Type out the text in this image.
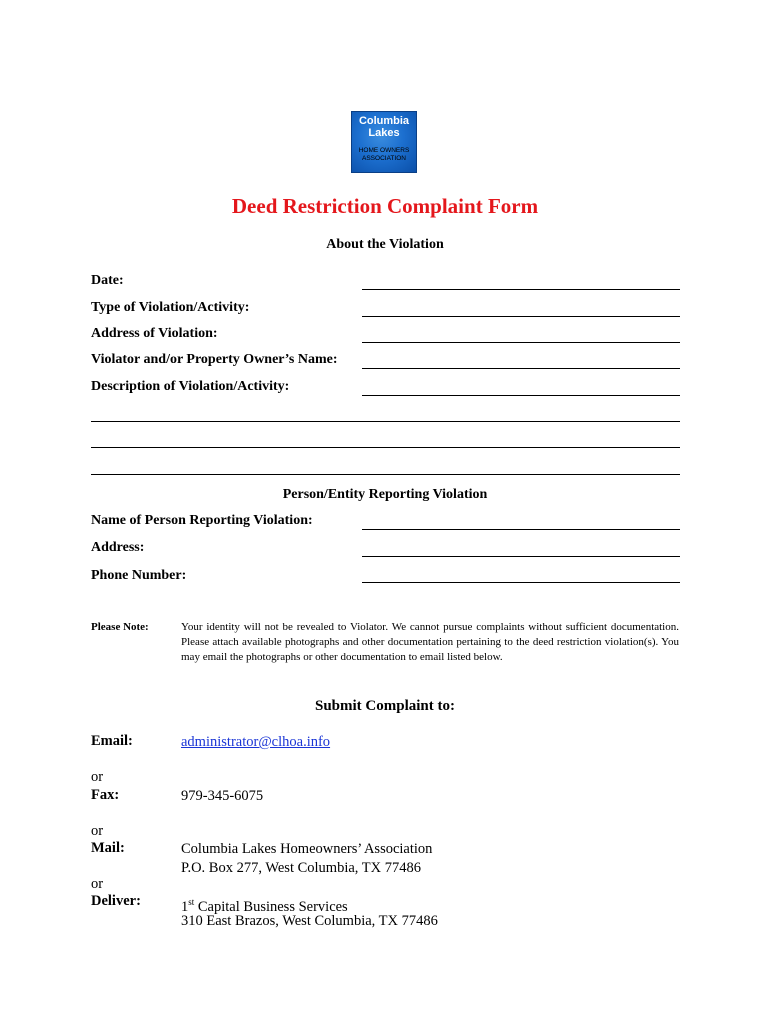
Columbia
Lakes
HOME OWNERS
ASSOCIATION
Deed Restriction Complaint Form
About the Violation
Date:
Type of Violation/Activity:
Address of Violation:
Violator and/or Property Owner’s Name:
Description of Violation/Activity:
Person/Entity Reporting Violation
Name of Person Reporting Violation:
Address:
Phone Number:
Please Note:	Your identity will not be revealed to Violator. We cannot pursue complaints without sufficient documentation. Please attach available photographs and other documentation pertaining to the deed restriction violation(s). You may email the photographs or other documentation to email listed below.
Submit Complaint to:
Email:	administrator@clhoa.info
or
Fax:	979-345-6075
or
Mail:	Columbia Lakes Homeowners’ Association
P.O. Box 277, West Columbia, TX 77486
or
Deliver:	1st Capital Business Services
310 East Brazos, West Columbia, TX 77486
